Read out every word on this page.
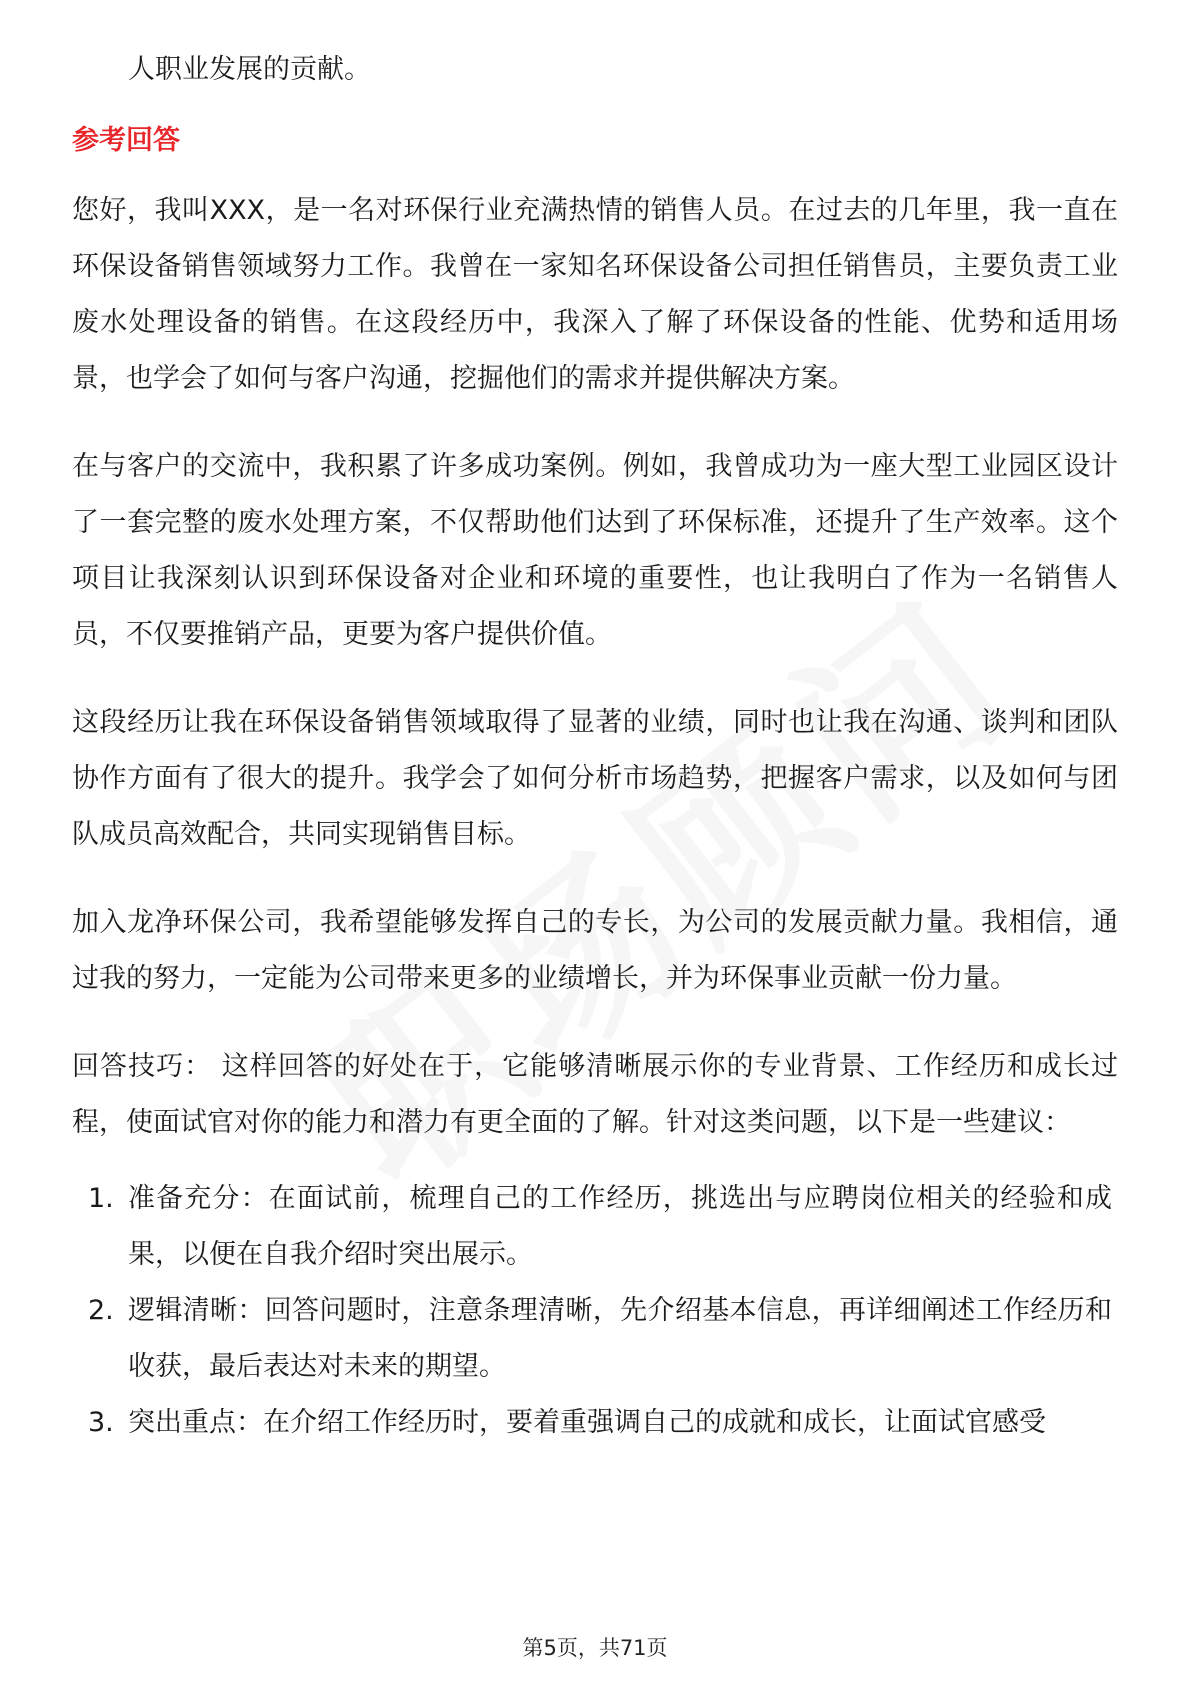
人职业发展的贡献。

参考回答

您好，我叫XXX，是一名对环保行业充满热情的销售人员。在过去的几年里，我一直在环保设备销售领域努力工作。我曾在一家知名环保设备公司担任销售员，主要负责工业废水处理设备的销售。在这段经历中，我深入了解了环保设备的性能、优势和适用场景，也学会了如何与客户沟通，挖掘他们的需求并提供解决方案。

在与客户的交流中，我积累了许多成功案例。例如，我曾成功为一座大型工业园区设计了一套完整的废水处理方案，不仅帮助他们达到了环保标准，还提升了生产效率。这个项目让我深刻认识到环保设备对企业和环境的重要性，也让我明白了作为一名销售人员，不仅要推销产品，更要为客户提供价值。

这段经历让我在环保设备销售领域取得了显著的业绩，同时也让我在沟通、谈判和团队协作方面有了很大的提升。我学会了如何分析市场趋势，把握客户需求，以及如何与团队成员高效配合，共同实现销售目标。

加入龙净环保公司，我希望能够发挥自己的专长，为公司的发展贡献力量。我相信，通过我的努力，一定能为公司带来更多的业绩增长，并为环保事业贡献一份力量。

回答技巧： 这样回答的好处在于，它能够清晰展示你的专业背景、工作经历和成长过程，使面试官对你的能力和潜力有更全面的了解。针对这类问题，以下是一些建议：

1. 准备充分：在面试前，梳理自己的工作经历，挑选出与应聘岗位相关的经验和成果，以便在自我介绍时突出展示。
2. 逻辑清晰：回答问题时，注意条理清晰，先介绍基本信息，再详细阐述工作经历和收获，最后表达对未来的期望。
3. 突出重点：在介绍工作经历时，要着重强调自己的成就和成长，让面试官感受
第5页，共71页
